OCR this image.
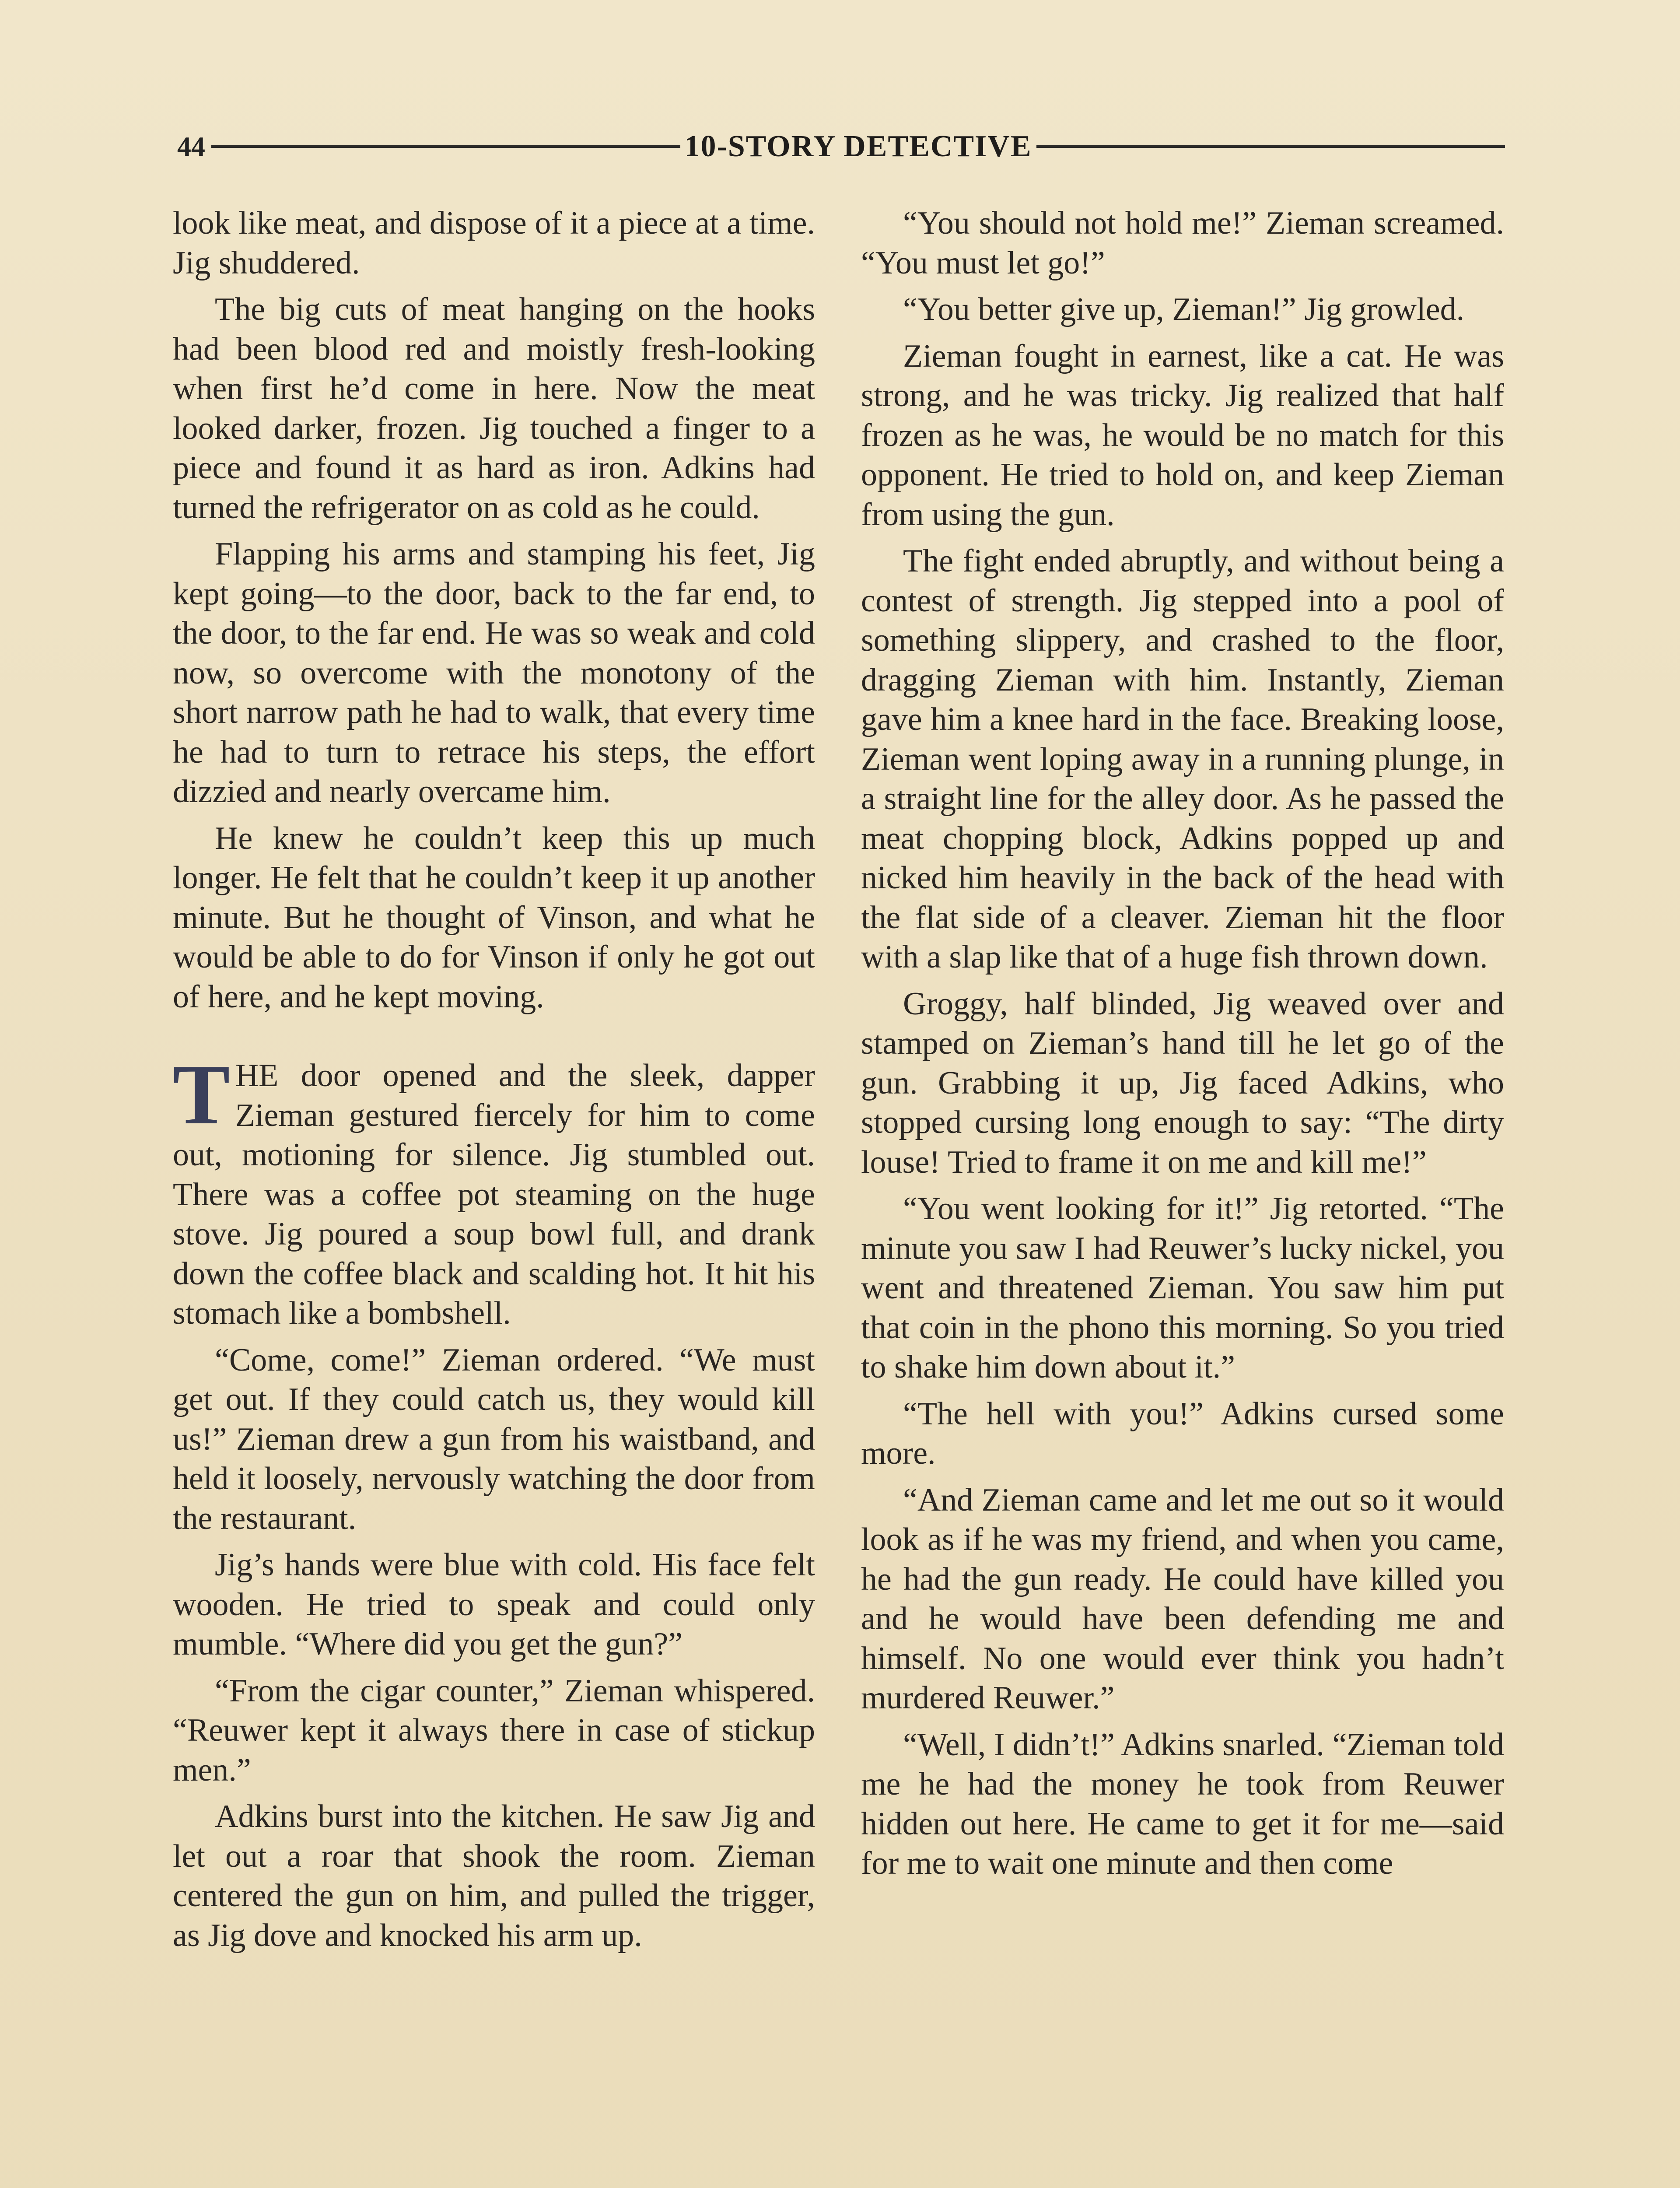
44	10-STORY DETECTIVE

look like meat, and dispose of it a piece at a time. Jig shuddered.

The big cuts of meat hanging on the hooks had been blood red and moistly fresh-looking when first he’d come in here. Now the meat looked darker, frozen. Jig touched a finger to a piece and found it as hard as iron. Adkins had turned the refrigerator on as cold as he could.

Flapping his arms and stamping his feet, Jig kept going—to the door, back to the far end, to the door, to the far end. He was so weak and cold now, so overcome with the monotony of the short narrow path he had to walk, that every time he had to turn to retrace his steps, the effort dizzied and nearly overcame him.

He knew he couldn’t keep this up much longer. He felt that he couldn’t keep it up another minute. But he thought of Vinson, and what he would be able to do for Vinson if only he got out of here, and he kept moving.

THE door opened and the sleek, dapper Zieman gestured fiercely for him to come out, motioning for silence. Jig stumbled out. There was a coffee pot steaming on the huge stove. Jig poured a soup bowl full, and drank down the coffee black and scalding hot. It hit his stomach like a bombshell.

“Come, come!” Zieman ordered. “We must get out. If they could catch us, they would kill us!” Zieman drew a gun from his waistband, and held it loosely, nervously watching the door from the restaurant.

Jig’s hands were blue with cold. His face felt wooden. He tried to speak and could only mumble. “Where did you get the gun?”

“From the cigar counter,” Zieman whispered. “Reuwer kept it always there in case of stickup men.”

Adkins burst into the kitchen. He saw Jig and let out a roar that shook the room. Zieman centered the gun on him, and pulled the trigger, as Jig dove and knocked his arm up.

“You should not hold me!” Zieman screamed. “You must let go!”

“You better give up, Zieman!” Jig growled.

Zieman fought in earnest, like a cat. He was strong, and he was tricky. Jig realized that half frozen as he was, he would be no match for this opponent. He tried to hold on, and keep Zieman from using the gun.

The fight ended abruptly, and without being a contest of strength. Jig stepped into a pool of something slippery, and crashed to the floor, dragging Zieman with him. Instantly, Zieman gave him a knee hard in the face. Breaking loose, Zieman went loping away in a running plunge, in a straight line for the alley door. As he passed the meat chopping block, Adkins popped up and nicked him heavily in the back of the head with the flat side of a cleaver. Zieman hit the floor with a slap like that of a huge fish thrown down.

Groggy, half blinded, Jig weaved over and stamped on Zieman’s hand till he let go of the gun. Grabbing it up, Jig faced Adkins, who stopped cursing long enough to say: “The dirty louse! Tried to frame it on me and kill me!”

“You went looking for it!” Jig retorted. “The minute you saw I had Reuwer’s lucky nickel, you went and threatened Zieman. You saw him put that coin in the phono this morning. So you tried to shake him down about it.”

“The hell with you!” Adkins cursed some more.

“And Zieman came and let me out so it would look as if he was my friend, and when you came, he had the gun ready. He could have killed you and he would have been defending me and himself. No one would ever think you hadn’t murdered Reuwer.”

“Well, I didn’t!” Adkins snarled. “Zieman told me he had the money he took from Reuwer hidden out here. He came to get it for me—said for me to wait one minute and then come
